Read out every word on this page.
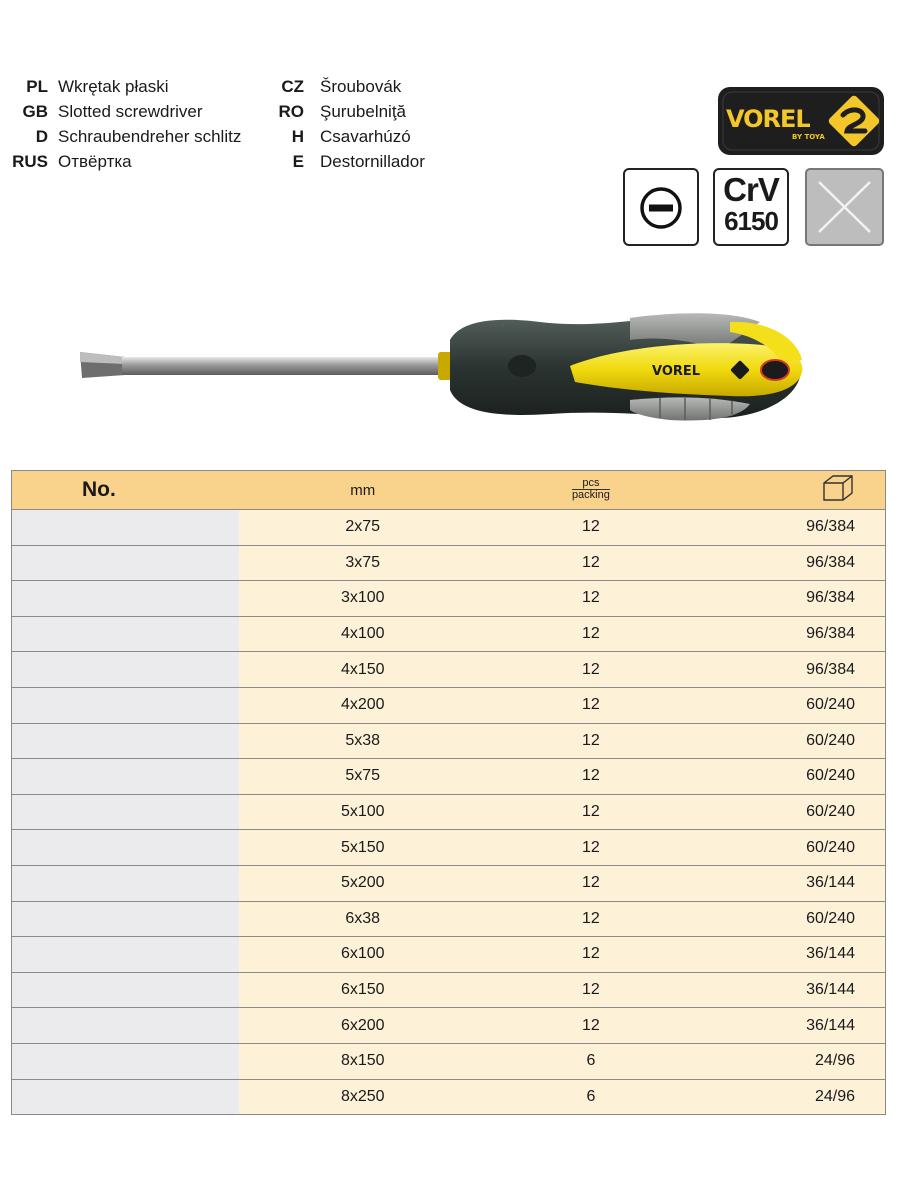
PL Wkrętak płaski
GB Slotted screwdriver
D Schraubendreher schlitz
RUS Отвёртка
CZ Šroubovák
RO Şurubelniţă
H Csavarhúzó
E Destornillador
VOREL
BY TOYA
CrV
6150
VOREL
No.	mm	pcs
packing

	2x75	12	96/384
	3x75	12	96/384
	3x100	12	96/384
	4x100	12	96/384
	4x150	12	96/384
	4x200	12	60/240
	5x38	12	60/240
	5x75	12	60/240
	5x100	12	60/240
	5x150	12	60/240
	5x200	12	36/144
	6x38	12	60/240
	6x100	12	36/144
	6x150	12	36/144
	6x200	12	36/144
	8x150	6	24/96
	8x250	6	24/96
